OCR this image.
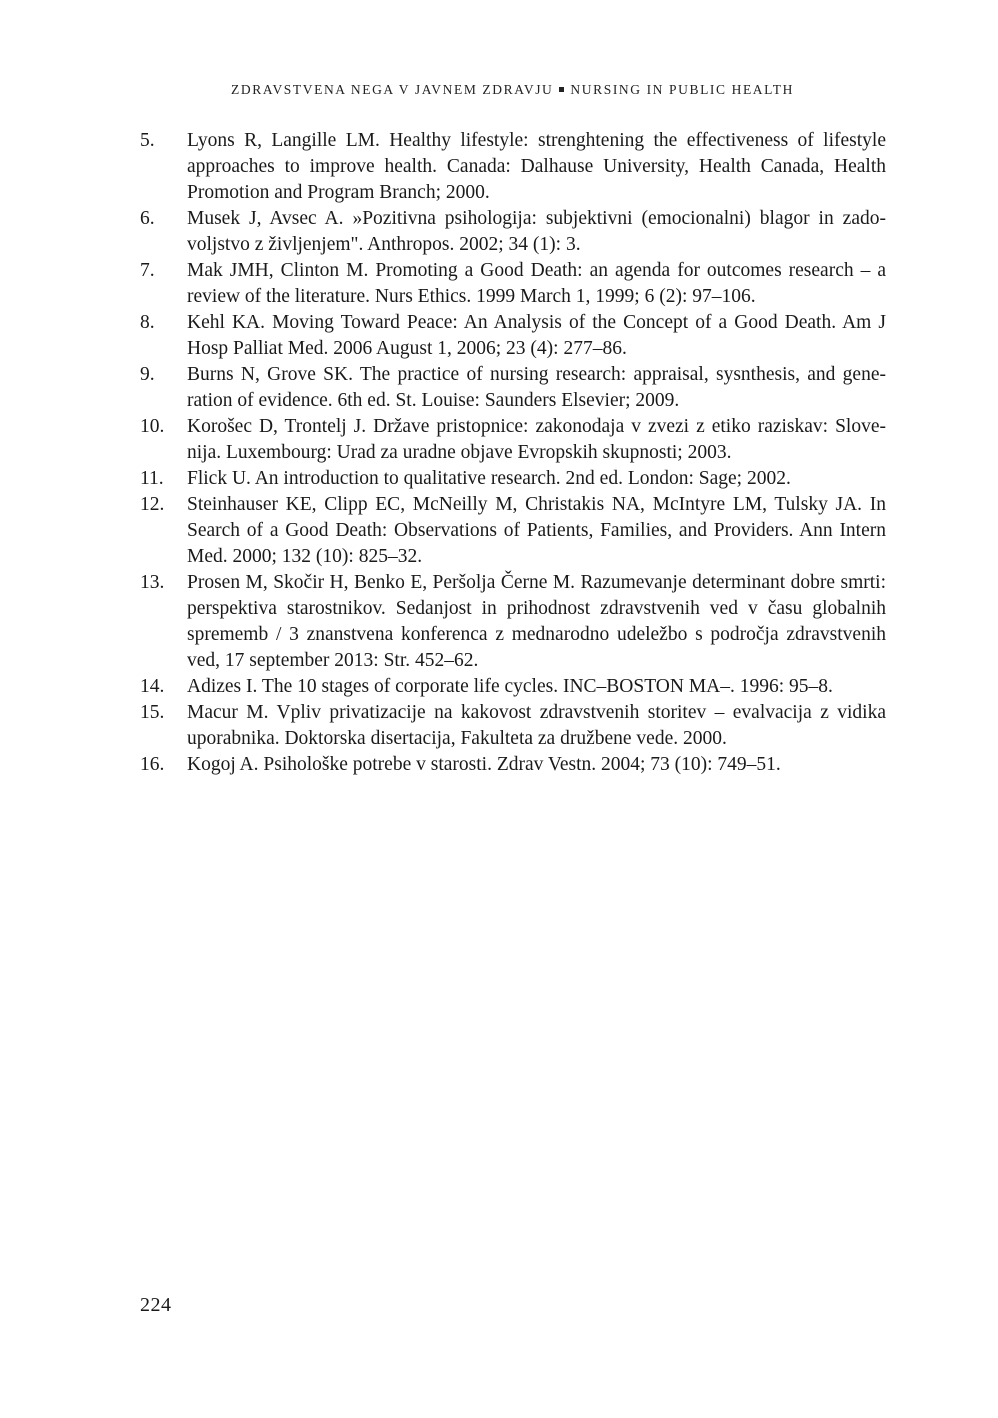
ZDRAVSTVENA NEGA V JAVNEM ZDRAVJU NURSING IN PUBLIC HEALTH
5.	Lyons R, Langille LM. Healthy lifestyle: strenghtening the effectiveness of lifestyle approaches to improve health. Canada: Dalhause University, Health Canada, Health Promotion and Program Branch; 2000.
6.	Musek J, Avsec A. »Pozitivna psihologija: subjektivni (emocionalni) blagor in zadovoljstvo z življenjem". Anthropos. 2002; 34 (1): 3.
7.	Mak JMH, Clinton M. Promoting a Good Death: an agenda for outcomes research – a review of the literature. Nurs Ethics. 1999 March 1, 1999; 6 (2): 97–106.
8.	Kehl KA. Moving Toward Peace: An Analysis of the Concept of a Good Death. Am J Hosp Palliat Med. 2006 August 1, 2006; 23 (4): 277–86.
9.	Burns N, Grove SK. The practice of nursing research: appraisal, sysnthesis, and generation of evidence. 6th ed. St. Louise: Saunders Elsevier; 2009.
10.	Korošec D, Trontelj J. Države pristopnice: zakonodaja v zvezi z etiko raziskav: Slovenija. Luxembourg: Urad za uradne objave Evropskih skupnosti; 2003.
11.	Flick U. An introduction to qualitative research. 2nd ed. London: Sage; 2002.
12.	Steinhauser KE, Clipp EC, McNeilly M, Christakis NA, McIntyre LM, Tulsky JA. In Search of a Good Death: Observations of Patients, Families, and Providers. Ann Intern Med. 2000; 132 (10): 825–32.
13.	Prosen M, Skočir H, Benko E, Peršolja Černe M. Razumevanje determinant dobre smrti: perspektiva starostnikov. Sedanjost in prihodnost zdravstvenih ved v času globalnih sprememb / 3 znanstvena konferenca z mednarodno udeležbo s področja zdravstvenih ved, 17 september 2013: Str. 452–62.
14.	Adizes I. The 10 stages of corporate life cycles. INC–BOSTON MA–. 1996: 95–8.
15.	Macur M. Vpliv privatizacije na kakovost zdravstvenih storitev – evalvacija z vidika uporabnika. Doktorska disertacija, Fakulteta za družbene vede. 2000.
16.	Kogoj A. Psihološke potrebe v starosti. Zdrav Vestn. 2004; 73 (10): 749–51.
224
